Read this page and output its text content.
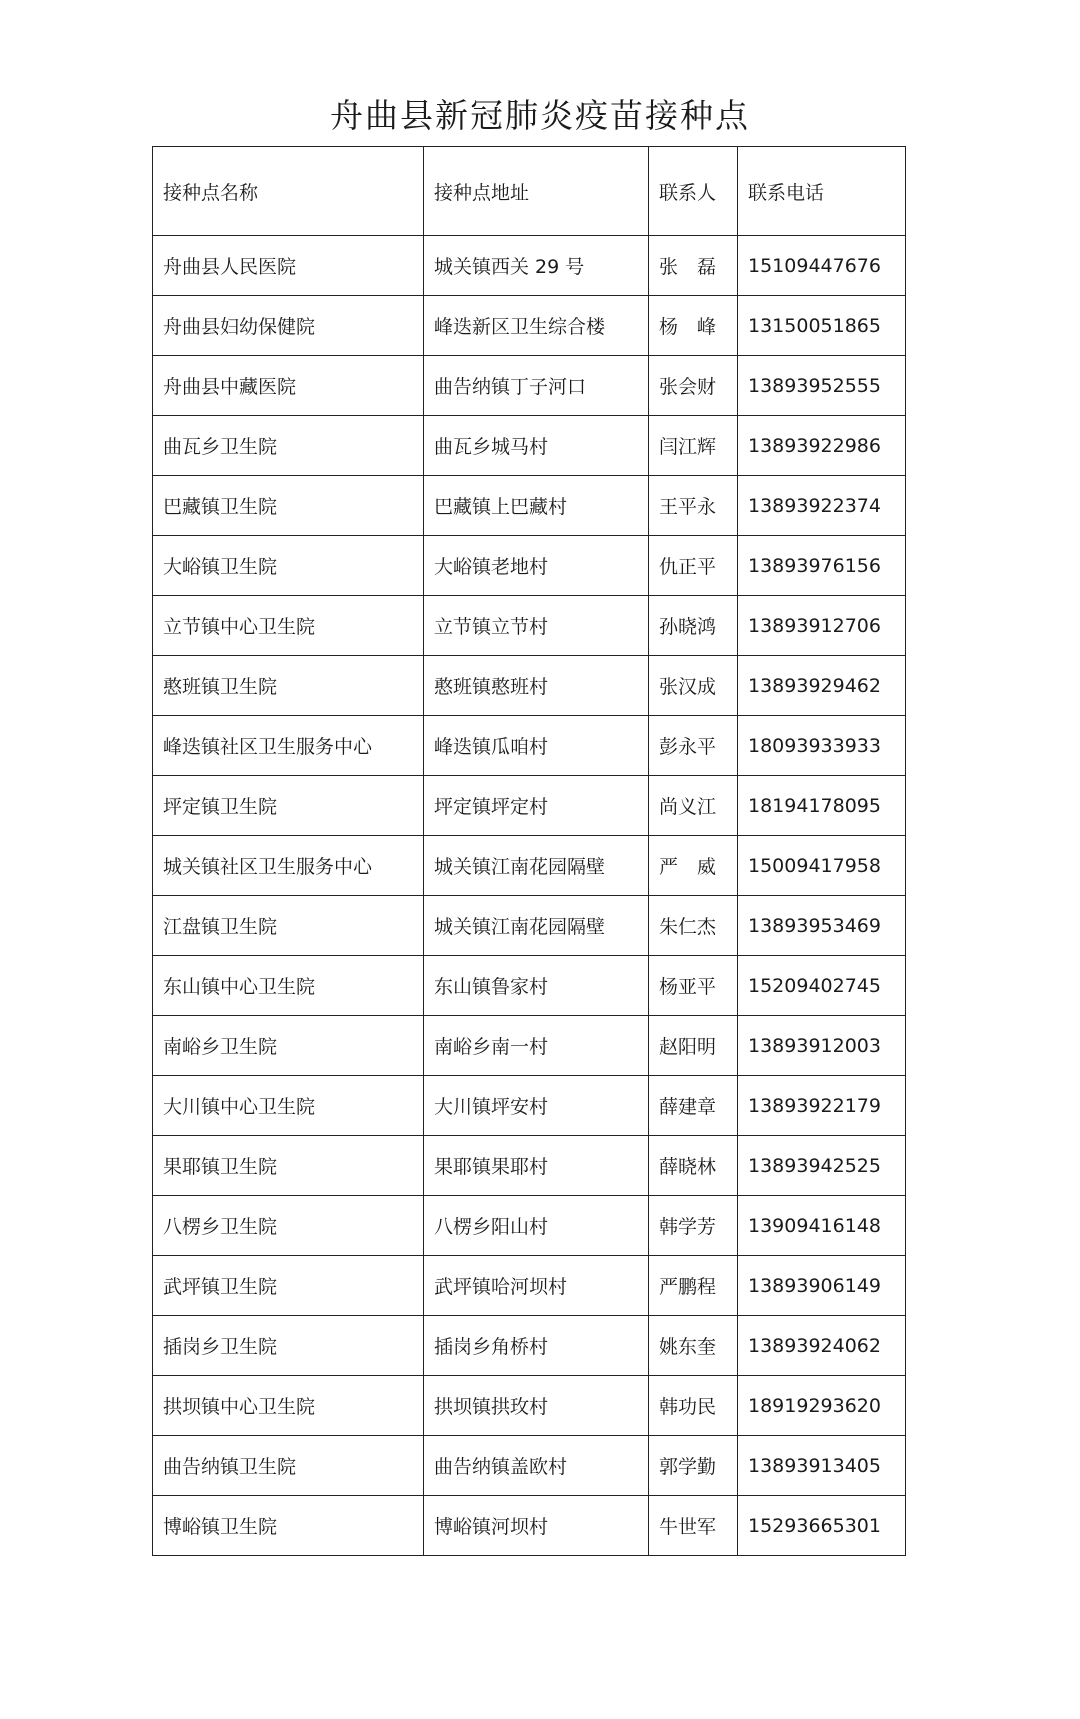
舟曲县新冠肺炎疫苗接种点
接种点名称	接种点地址	联系人	联系电话
舟曲县人民医院	城关镇西关 29 号	张　磊	15109447676
舟曲县妇幼保健院	峰迭新区卫生综合楼	杨　峰	13150051865
舟曲县中藏医院	曲告纳镇丁子河口	张会财	13893952555
曲瓦乡卫生院	曲瓦乡城马村	闫江辉	13893922986
巴藏镇卫生院	巴藏镇上巴藏村	王平永	13893922374
大峪镇卫生院	大峪镇老地村	仇正平	13893976156
立节镇中心卫生院	立节镇立节村	孙晓鸿	13893912706
憨班镇卫生院	憨班镇憨班村	张汉成	13893929462
峰迭镇社区卫生服务中心	峰迭镇瓜咱村	彭永平	18093933933
坪定镇卫生院	坪定镇坪定村	尚义江	18194178095
城关镇社区卫生服务中心	城关镇江南花园隔壁	严　威	15009417958
江盘镇卫生院	城关镇江南花园隔壁	朱仁杰	13893953469
东山镇中心卫生院	东山镇鲁家村	杨亚平	15209402745
南峪乡卫生院	南峪乡南一村	赵阳明	13893912003
大川镇中心卫生院	大川镇坪安村	薛建章	13893922179
果耶镇卫生院	果耶镇果耶村	薛晓林	13893942525
八楞乡卫生院	八楞乡阳山村	韩学芳	13909416148
武坪镇卫生院	武坪镇哈河坝村	严鹏程	13893906149
插岗乡卫生院	插岗乡角桥村	姚东奎	13893924062
拱坝镇中心卫生院	拱坝镇拱玫村	韩功民	18919293620
曲告纳镇卫生院	曲告纳镇盖欧村	郭学勤	13893913405
博峪镇卫生院	博峪镇河坝村	牛世军	15293665301
